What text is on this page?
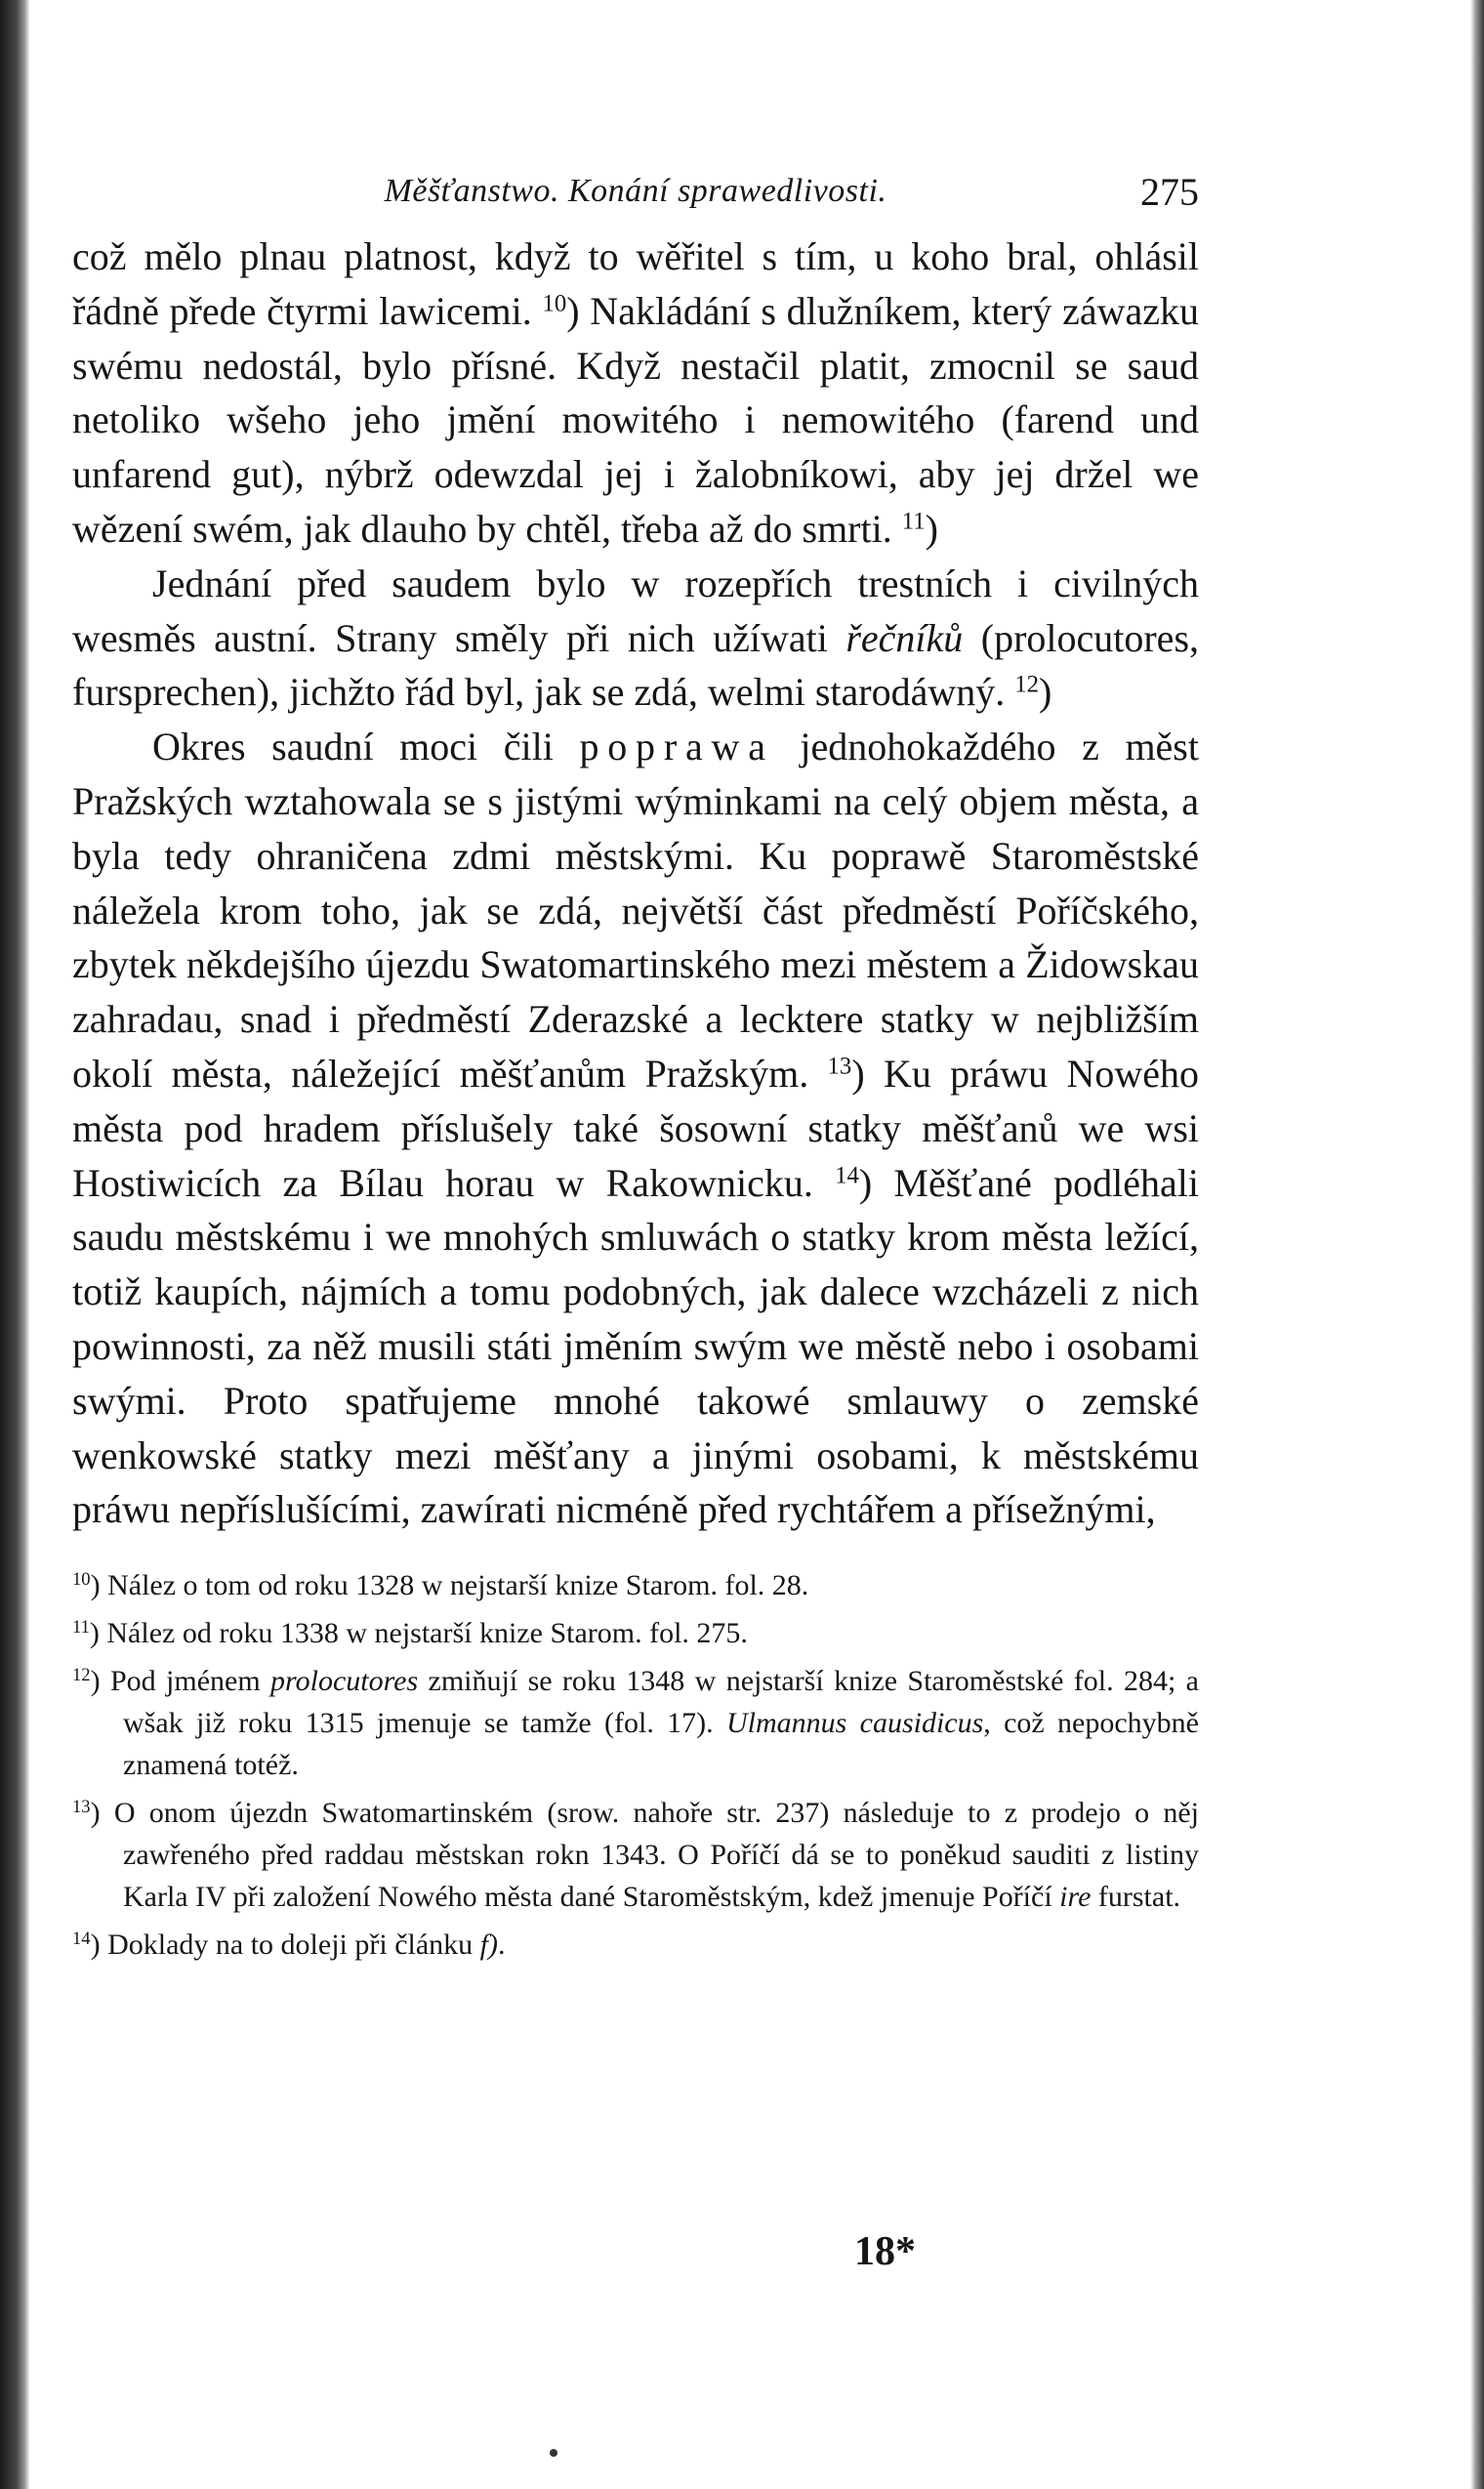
Měšťanstwo. Konání sprawedlivosti.	275

což mělo plnau platnost, když to wěřitel s tím, u koho bral, ohlásil řádně přede čtyrmi lawicemi. $^{10}$) Nakládání s dlužníkem, který záwazku swému nedostál, bylo přísné. Když nestačil platit, zmocnil se saud netoliko wšeho jeho jmění mowitého i nemowitého (farend und unfarend gut), nýbrž odewzdal jej i žalobníkowi, aby jej držel we wězení swém, jak dlauho by chtěl, třeba až do smrti. $^{11}$)

Jednání před saudem bylo w rozepřích trestních i civilných wesměs austní. Strany směly při nich užíwati řečníků (prolocutores, fursprechen), jichžto řád byl, jak se zdá, welmi starodáwný. $^{12}$)

Okres saudní moci čili poprawa jednohokaždého z měst Pražských wztahowala se s jistými wýminkami na celý objem města, a byla tedy ohraničena zdmi městskými. Ku poprawě Staroměstské náležela krom toho, jak se zdá, největší část předměstí Poříčského, zbytek někdejšího újezdu Swatomartinského mezi městem a Židowskau zahradau, snad i předměstí Zderazské a lecktere statky w nejbližším okolí města, náležející měšťanům Pražským. $^{13}$) Ku práwu Nowého města pod hradem příslušely také šosowní statky měšťanů we wsi Hostiwicích za Bílau horau w Rakownicku. $^{14}$) Měšťané podléhali saudu městskému i we mnohých smluwách o statky krom města ležící, totiž kaupích, nájmích a tomu podobných, jak dalece wzcházeli z nich powinnosti, za něž musili státi jměním swým we městě nebo i osobami swými. Proto spatřujeme mnohé takowé smlauwy o zemské wenkowské statky mezi měšťany a jinými osobami, k městskému práwu nepříslušícími, zawírati nicméně před rychtářem a přísežnými,

$^{10}$) Nález o tom od roku 1328 w nejstarší knize Starom. fol. 28.

$^{11}$) Nález od roku 1338 w nejstarší knize Starom. fol. 275.

$^{12}$) Pod jménem prolocutores zmiňují se roku 1348 w nejstarší knize Staroměstské fol. 284; a wšak již roku 1315 jmenuje se tamže (fol. 17). Ulmannus causidicus, což nepochybně znamená totéž.

$^{13}$) O onom újezdn Swatomartinském (srow. nahoře str. 237) následuje to z prodejo o něj zawřeného před raddau městskan rokn 1343. O Poříčí dá se to poněkud sauditi z listiny Karla IV při založení Nowého města dané Staroměstským, kdež jmenuje Poříčí ire furstat.

$^{14}$) Doklady na to doleji při článku f).

18*
